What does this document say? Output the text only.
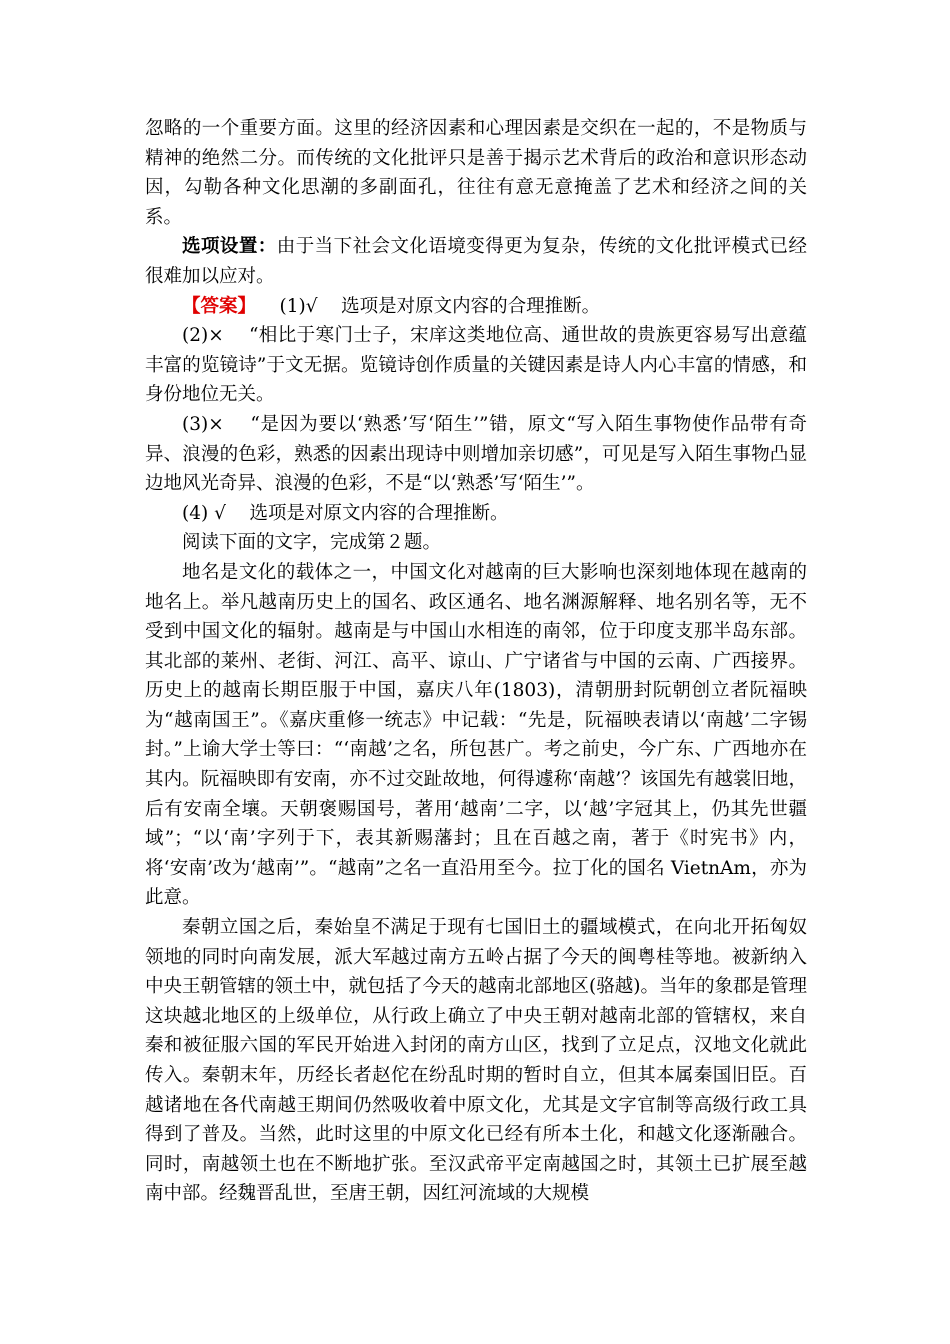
忽略的一个重要方面。这里的经济因素和心理因素是交织在一起的，不是物质与精神的绝然二分。而传统的文化批评只是善于揭示艺术背后的政治和意识形态动因，勾勒各种文化思潮的多副面孔，往往有意无意掩盖了艺术和经济之间的关系。

选项设置：由于当下社会文化语境变得更为复杂，传统的文化批评模式已经很难加以应对。

【答案】 (1)√ 选项是对原文内容的合理推断。

(2)× “相比于寒门士子，宋庠这类地位高、通世故的贵族更容易写出意蕴丰富的览镜诗”于文无据。览镜诗创作质量的关键因素是诗人内心丰富的情感，和身份地位无关。

(3)× “是因为要以‘熟悉’写‘陌生’”错，原文“写入陌生事物使作品带有奇异、浪漫的色彩，熟悉的因素出现诗中则增加亲切感”，可见是写入陌生事物凸显边地风光奇异、浪漫的色彩，不是“以‘熟悉’写‘陌生’”。

(4) √ 选项是对原文内容的合理推断。

阅读下面的文字，完成第２题。

地名是文化的载体之一，中国文化对越南的巨大影响也深刻地体现在越南的地名上。举凡越南历史上的国名、政区通名、地名渊源解释、地名别名等，无不受到中国文化的辐射。越南是与中国山水相连的南邻，位于印度支那半岛东部。其北部的莱州、老街、河江、高平、谅山、广宁诸省与中国的云南、广西接界。历史上的越南长期臣服于中国，嘉庆八年(1803)，清朝册封阮朝创立者阮福映为“越南国王”。《嘉庆重修一统志》中记载：“先是，阮福映表请以‘南越’二字锡封。”上谕大学士等曰：“‘南越’之名，所包甚广。考之前史，今广东、广西地亦在其内。阮福映即有安南，亦不过交趾故地，何得遽称‘南越’？该国先有越裳旧地，后有安南全壤。天朝褒赐国号，著用‘越南’二字，以‘越’字冠其上，仍其先世疆域”；“以‘南’字列于下，表其新赐藩封；且在百越之南，著于《时宪书》内，将‘安南’改为‘越南’”。“越南”之名一直沿用至今。拉丁化的国名 VietnAm，亦为此意。

秦朝立国之后，秦始皇不满足于现有七国旧土的疆域模式，在向北开拓匈奴领地的同时向南发展，派大军越过南方五岭占据了今天的闽粤桂等地。被新纳入中央王朝管辖的领土中，就包括了今天的越南北部地区(骆越)。当年的象郡是管理这块越北地区的上级单位，从行政上确立了中央王朝对越南北部的管辖权，来自秦和被征服六国的军民开始进入封闭的南方山区，找到了立足点，汉地文化就此传入。秦朝末年，历经长者赵佗在纷乱时期的暂时自立，但其本属秦国旧臣。百越诸地在各代南越王期间仍然吸收着中原文化，尤其是文字官制等高级行政工具得到了普及。当然，此时这里的中原文化已经有所本土化，和越文化逐渐融合。同时，南越领土也在不断地扩张。至汉武帝平定南越国之时，其领土已扩展至越南中部。经魏晋乱世，至唐王朝，因红河流域的大规模
